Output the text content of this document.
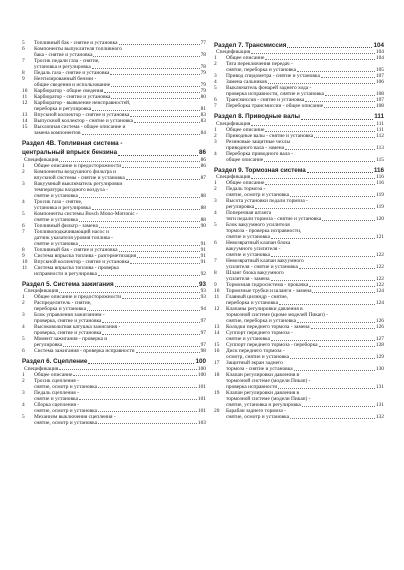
5	Топливный бак - снятие и установка	77
6	Компоненты выпуклителя топливного
бака - снятие и установка	78
7	Тросик педали газа - снятие,
установка и регулировка	78
8	Педаль газа - снятие и установка	79
9	Неэтилированный бензин -
общие сведения и использование	79
10	Карбюратор - общие сведения	79
11	Карбюратор - снятие и установка	80
12	Карбюратор - выявление неисправностей,
переборка и регулировка	81
13	Впускной коллектор - снятие и установка	83
14	Выпускной коллектор - снятие и установка	83
15	Выхлопная система - общее описание и
замена компонентов	84
Раздел 4В. Топливная система -
центральный впрыск бензина	86
Спецификация	86
1	Общее описание и предосторожности	86
2	Компоненты воздушного фильтра и
впускной системы - снятие и установка	87
3	Вакуумный выключатель регулировки
температуры входного воздуха -
снятие и установка	88
4	Тросик газа - снятие,
установка и регулировка	88
5	Компоненты системы Bosch Mono-Motronic -
снятие и установка	88
6	Топливный фильтр - замена	90
7	Топливоподкачивающий насос и
датчик указателя уровня топлива -
снятие и установка	91
8	Топливный бак - снятие и установка	91
9	Система впрыска топлива - разгерметизация	91
10	Впускной коллектор - снятие и установка	91
11	Система впрыска топлива - проверка
исправности и регулировка	92
Раздел 5. Система зажигания	93
Спецификация	93
1	Общее описание и предосторожности	93
2	Распределитель - снятие,
переборка и установка	94
3	Блок управления зажиганием -
проверка, снятие и установка	97
4	Высоковольтная катушка зажигания -
проверка, снятие и установка	97
5	Момент зажигания - проверка и
регулировка	97
6	Система зажигания - проверка исправности	98
Раздел 6. Сцепление	100
Спецификация	100
1	Общее описание	100
2	Тросик сцепления -
снятие, осмотр и установка	101
3	Педаль сцепления -
снятие и установка	101
4	Сборка сцепления -
снятие, осмотр и установка	101
5	Механизм выключения сцепления -
снятие, осмотр и установка	103
Раздел 7. Трансмиссия	104
Спецификация	104
1	Общее описание	104
2	Тяга переключения передач -
снятие, переборка и установка	105
3	Привод спидометра - снятие и установка	107
4	Замена сальников	106
5	Выключатель фонарей заднего хода -
проверка исправности, снятие и установка	108
6	Трансмиссия - снятие и установка	107
7	Переборка трансмиссии - общее описание	108
Раздел 8. Приводные валы	111
Спецификация	111
1	Общее описание	111
2	Приводные валы - снятие и установка	112
3	Резиновые защитные чехлы
приводного вала - замена	113
4	Переборка приводного вала -
общее описание	115
Раздел 9. Тормозная система	116
Спецификация	116
1	Общее описание	116
2	Педаль тормоза -
снятие, осмотр и установка	119
3	Высота установки педали тормоза -
регулировка	119
4	Поперечная штанга
тяги педали тормоза - снятие и установка	120
5	Блок вакуумного усилителя
тормоза - проверка исправности,
снятие и установка	121
6	Невозвратный клапан блока
вакуумного усилителя -
снятие и установка	122
7	Невозвратный клапан вакуумного
усилителя - снятие и установка	122
8	Шланг блока вакуумного
усилителя - замена	122
9	Тормозная гидросистема - прокачка	122
10	Тормозные трубки и шланги - замена	124
11	Главный цилиндр - снятие,
переборка и установка	124
12	Клапаны регулировки давления в
тормозной системе (кроме моделей Пикап) -
снятие, переборка и установка	126
13	Колодки переднего тормоза - замена	126
14	Суппорт переднего тормоза -
снятие и установка	127
15	Суппорт переднего тормоза - переборка	128
16	Диск переднего тормоза -
осмотр, снятие и установка	129
17	Защитный экран заднего
тормоза - снятие и установка	130
18	Клапан регулировки давления в
тормозной системе (модели Пикап) -
проверка исправности	131
19	Клапан регулировки давления в
тормозной системе (модели Пикап) -
снятие, установка и регулировка	131
20	Барабан заднего тормоза -
снятие, осмотр и установка	132
